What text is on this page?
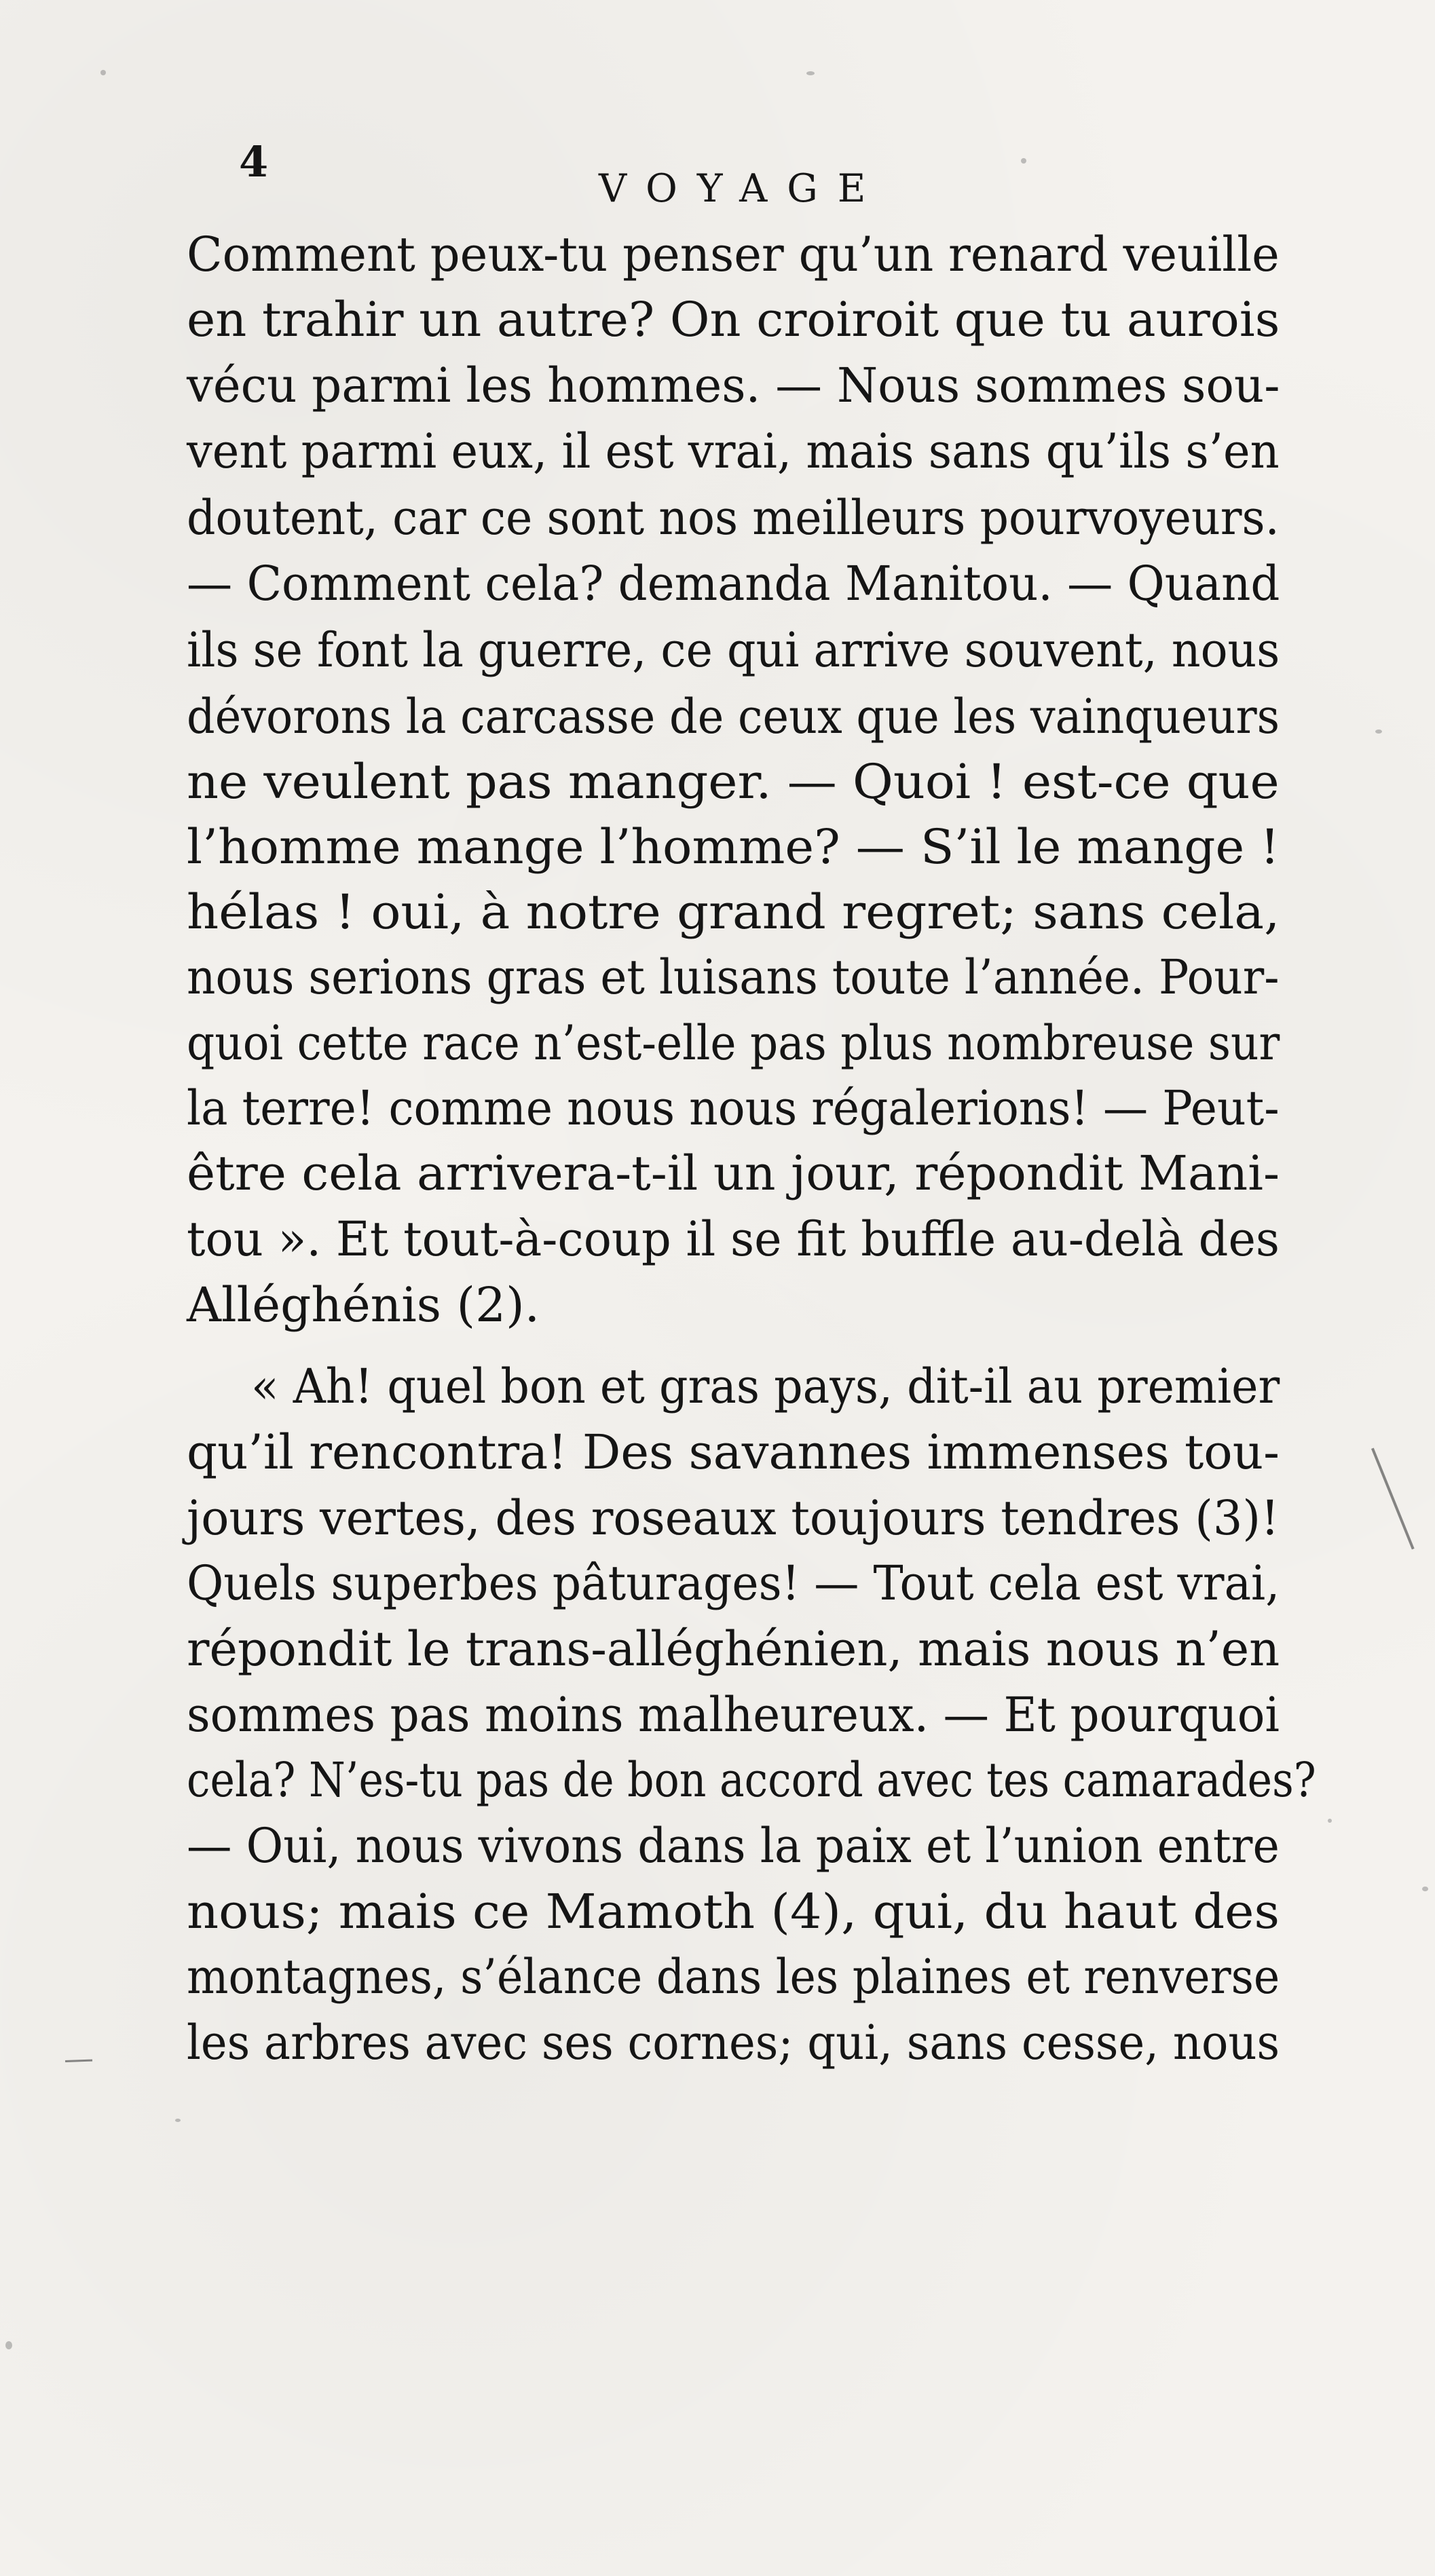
4
VOYAGE
Comment peux-tu penser qu’un renard veuille
en trahir un autre? On croiroit que tu aurois
vécu parmi les hommes. — Nous sommes sou-
vent parmi eux, il est vrai, mais sans qu’ils s’en
doutent, car ce sont nos meilleurs pourvoyeurs.
— Comment cela? demanda Manitou. — Quand
ils se font la guerre, ce qui arrive souvent, nous
dévorons la carcasse de ceux que les vainqueurs
ne veulent pas manger. — Quoi ! est-ce que
l’homme mange l’homme? — S’il le mange !
hélas ! oui, à notre grand regret; sans cela,
nous serions gras et luisans toute l’année. Pour-
quoi cette race n’est-elle pas plus nombreuse sur
la terre! comme nous nous régalerions! — Peut-
être cela arrivera-t-il un jour, répondit Mani-
tou ». Et tout-à-coup il se fit buffle au-delà des
Alléghénis (2).
« Ah! quel bon et gras pays, dit-il au premier
qu’il rencontra! Des savannes immenses tou-
jours vertes, des roseaux toujours tendres (3)!
Quels superbes pâturages! — Tout cela est vrai,
répondit le trans-alléghénien, mais nous n’en
sommes pas moins malheureux. — Et pourquoi
cela? N’es-tu pas de bon accord avec tes camarades?
— Oui, nous vivons dans la paix et l’union entre
nous; mais ce Mamoth (4), qui, du haut des
montagnes, s’élance dans les plaines et renverse
les arbres avec ses cornes; qui, sans cesse, nous
